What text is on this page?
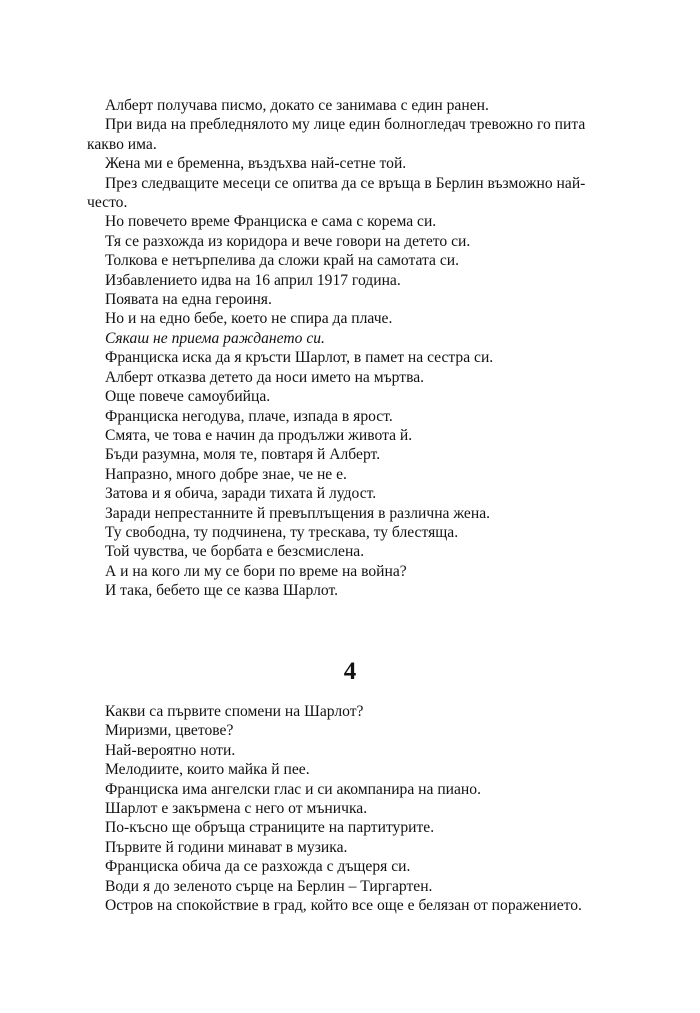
Алберт получава писмо, докато се занимава с един ранен.

При вида на пребледнялото му лице един болногледач тревожно го пита какво има.

Жена ми е бременна, въздъхва най-сетне той.

През следващите месеци се опитва да се връща в Берлин възможно най-често.

Но повечето време Франциска е сама с корема си.

Тя се разхожда из коридора и вече говори на детето си.

Толкова е нетърпелива да сложи край на самотата си.

Избавлението идва на 16 април 1917 година.

Появата на една героиня.

Но и на едно бебе, което не спира да плаче.

Сякаш не приема раждането си.

Франциска иска да я кръсти Шарлот, в памет на сестра си.

Алберт отказва детето да носи името на мъртва.

Още повече самоубийца.

Франциска негодува, плаче, изпада в ярост.

Смята, че това е начин да продължи живота й.

Бъди разумна, моля те, повтаря й Алберт.

Напразно, много добре знае, че не е.

Затова и я обича, заради тихата й лудост.

Заради непрестанните й превъплъщения в различна жена.

Ту свободна, ту подчинена, ту трескава, ту блестяща.

Той чувства, че борбата е безсмислена.

А и на кого ли му се бори по време на война?

И така, бебето ще се казва Шарлот.

4

Какви са първите спомени на Шарлот?

Миризми, цветове?

Най-вероятно ноти.

Мелодиите, които майка й пее.

Франциска има ангелски глас и си акомпанира на пиано.

Шарлот е закърмена с него от мъничка.

По-късно ще обръща страниците на партитурите.

Първите й години минават в музика.

Франциска обича да се разхожда с дъщеря си.

Води я до зеленото сърце на Берлин – Тиргартен.

Остров на спокойствие в град, който все още е белязан от поражението.
